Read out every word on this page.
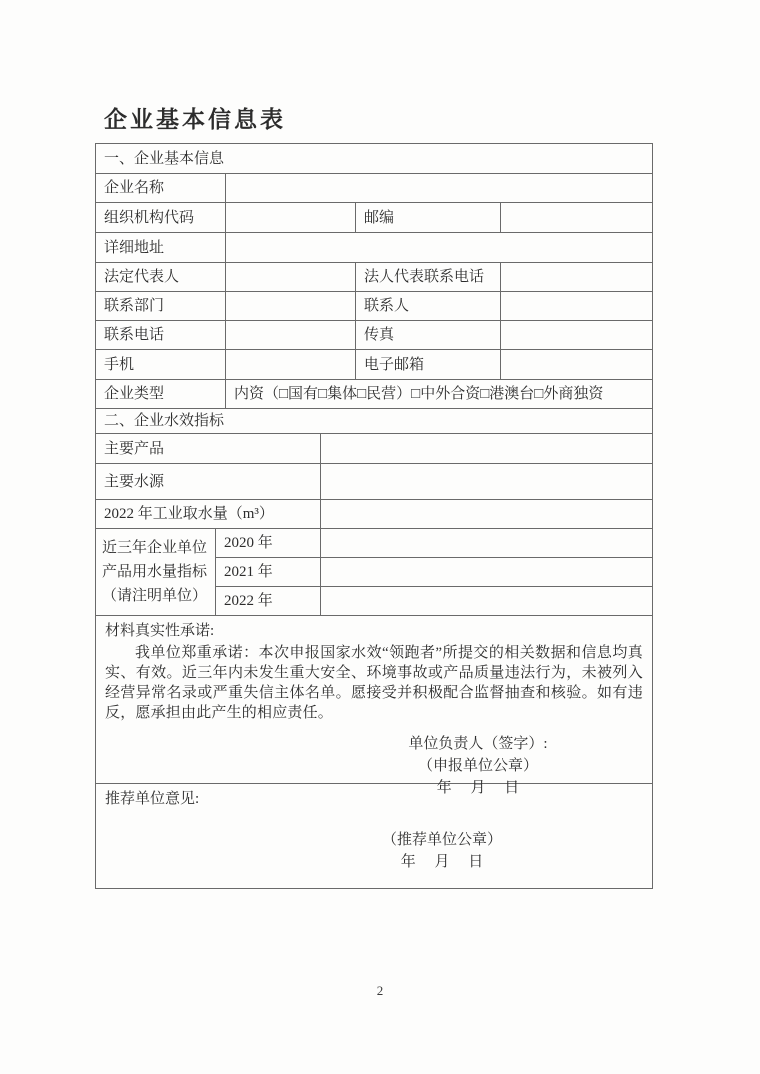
企业基本信息表
一、企业基本信息
企业名称
组织机构代码	邮编
详细地址
法定代表人	法人代表联系电话
联系部门	联系人
联系电话	传真
手机	电子邮箱
企业类型	内资（□国有□集体□民营）□中外合资□港澳台□外商独资
二、企业水效指标
主要产品
主要水源
2022 年工业取水量（m³）
近三年企业单位产品用水量指标（请注明单位）
2020 年
2021 年
2022 年
材料真实性承诺:
我单位郑重承诺：本次申报国家水效“领跑者”所提交的相关数据和信息均真实、有效。近三年内未发生重大安全、环境事故或产品质量违法行为，未被列入经营异常名录或严重失信主体名单。愿接受并积极配合监督抽查和核验。如有违反，愿承担由此产生的相应责任。
单位负责人（签字）:
（申报单位公章）
年　 月　 日
推荐单位意见:
（推荐单位公章）
年　 月　 日
2
